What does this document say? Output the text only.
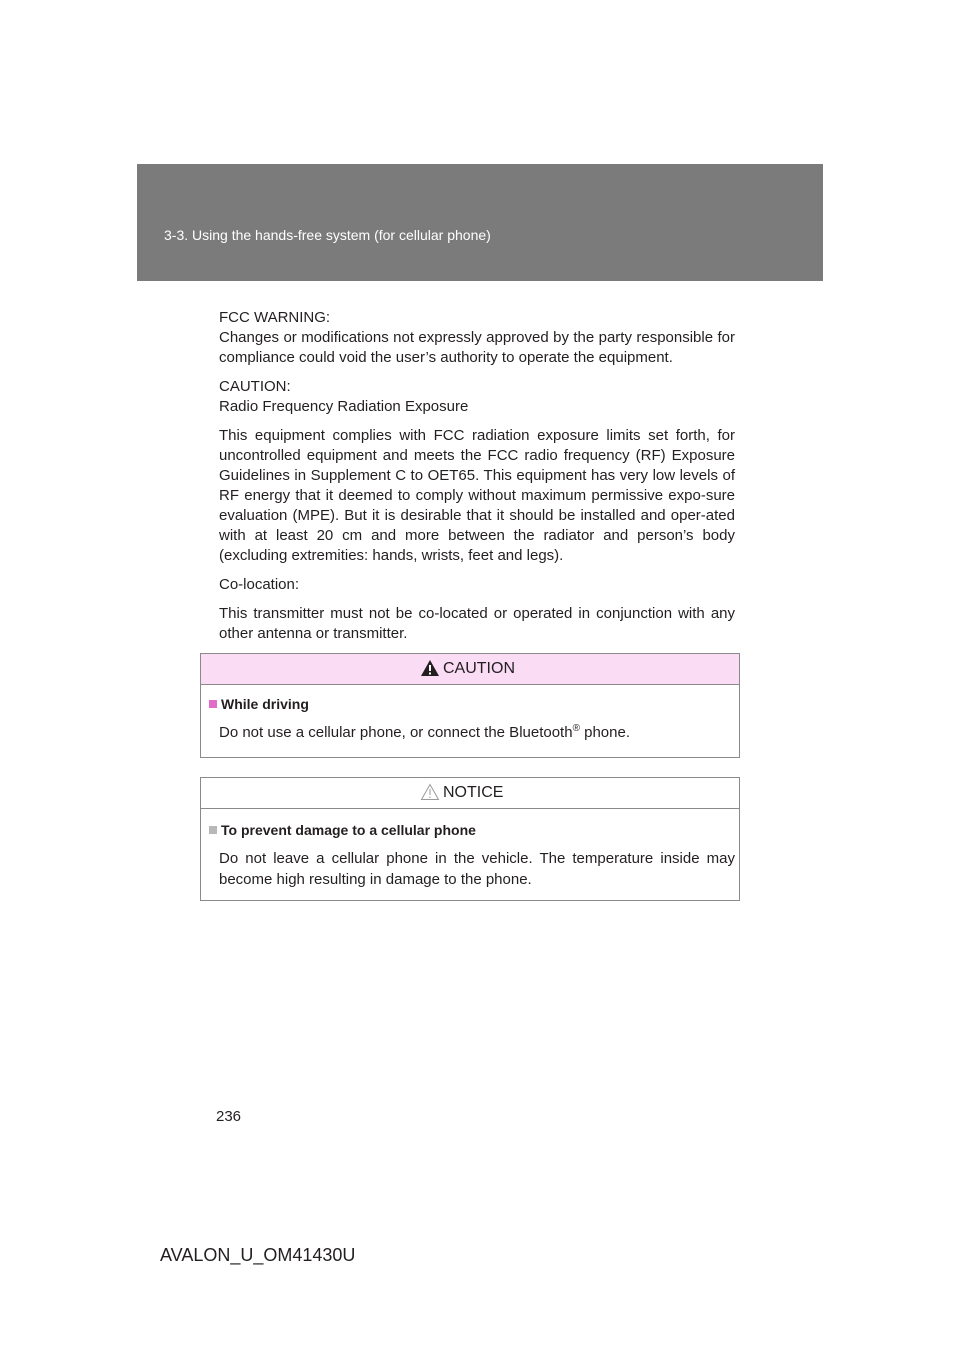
3-3. Using the hands-free system (for cellular phone)

FCC WARNING:
Changes or modifications not expressly approved by the party responsible for compliance could void the user’s authority to operate the equipment.

CAUTION:
Radio Frequency Radiation Exposure

This equipment complies with FCC radiation exposure limits set forth, for uncontrolled equipment and meets the FCC radio frequency (RF) Exposure Guidelines in Supplement C to OET65. This equipment has very low levels of RF energy that it deemed to comply without maximum permissive expo-sure evaluation (MPE). But it is desirable that it should be installed and oper-ated with at least 20 cm and more between the radiator and person’s body (excluding extremities: hands, wrists, feet and legs).

Co-location:

This transmitter must not be co-located or operated in conjunction with any other antenna or transmitter.

CAUTION
While driving
Do not use a cellular phone, or connect the Bluetooth® phone.
NOTICE
To prevent damage to a cellular phone
Do not leave a cellular phone in the vehicle. The temperature inside may become high resulting in damage to the phone.
236
AVALON_U_OM41430U
